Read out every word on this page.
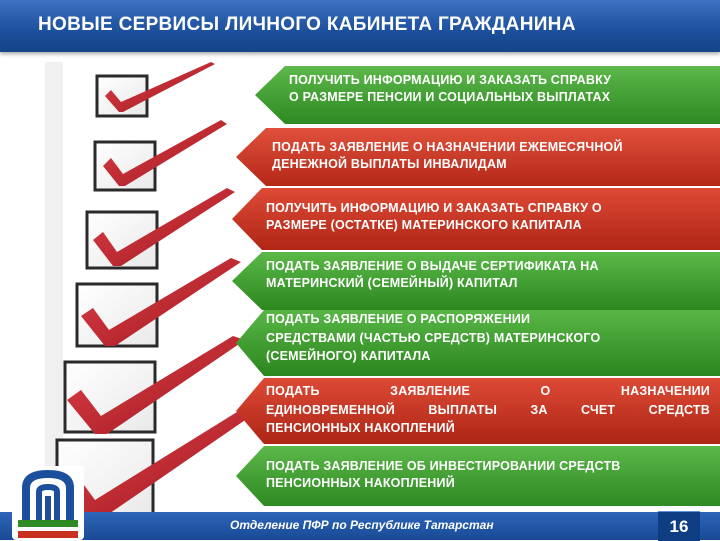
НОВЫЕ СЕРВИСЫ ЛИЧНОГО КАБИНЕТА ГРАЖДАНИНА
ПОЛУЧИТЬ ИНФОРМАЦИЮ И ЗАКАЗАТЬ СПРАВКУ
О РАЗМЕРЕ ПЕНСИИ И СОЦИАЛЬНЫХ ВЫПЛАТАХ
ПОДАТЬ ЗАЯВЛЕНИЕ О НАЗНАЧЕНИИ ЕЖЕМЕСЯЧНОЙ
ДЕНЕЖНОЙ ВЫПЛАТЫ ИНВАЛИДАМ
ПОЛУЧИТЬ ИНФОРМАЦИЮ И ЗАКАЗАТЬ СПРАВКУ О
РАЗМЕРЕ (ОСТАТКЕ) МАТЕРИНСКОГО КАПИТАЛА
ПОДАТЬ ЗАЯВЛЕНИЕ О ВЫДАЧЕ СЕРТИФИКАТА НА
МАТЕРИНСКИЙ (СЕМЕЙНЫЙ) КАПИТАЛ
ПОДАТЬ ЗАЯВЛЕНИЕ О РАСПОРЯЖЕНИИ
СРЕДСТВАМИ (ЧАСТЬЮ СРЕДСТВ) МАТЕРИНСКОГО
(СЕМЕЙНОГО) КАПИТАЛА
ПОДАТЬ ЗАЯВЛЕНИЕ О НАЗНАЧЕНИИ
ЕДИНОВРЕМЕННОЙ ВЫПЛАТЫ ЗА СЧЕТ СРЕДСТВ
ПЕНСИОННЫХ НАКОПЛЕНИЙ
ПОДАТЬ ЗАЯВЛЕНИЕ ОБ ИНВЕСТИРОВАНИИ СРЕДСТВ
ПЕНСИОННЫХ НАКОПЛЕНИЙ
Отделение ПФР по Республике Татарстан	16
